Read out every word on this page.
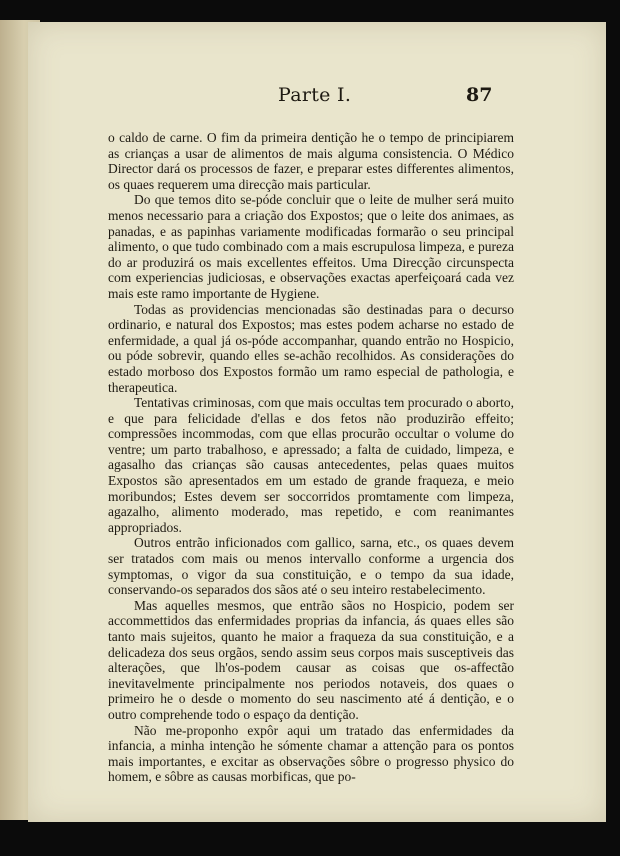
Parte I.	87

o caldo de carne. O fim da primeira dentição he o tempo de principiarem as crianças a usar de alimentos de mais alguma consistencia. O Médico Director dará os processos de fazer, e preparar estes differentes alimentos, os quaes requerem uma direcção mais particular.

Do que temos dito se-póde concluir que o leite de mulher será muito menos necessario para a criação dos Expostos; que o leite dos animaes, as panadas, e as papinhas variamente modificadas formarão o seu principal alimento, o que tudo combinado com a mais escrupulosa limpeza, e pureza do ar produzirá os mais excellentes effeitos. Uma Direcção circunspecta com experiencias judiciosas, e observações exactas aperfeiçoará cada vez mais este ramo importante de Hygiene.

Todas as providencias mencionadas são destinadas para o decurso ordinario, e natural dos Expostos; mas estes podem acharse no estado de enfermidade, a qual já os-póde accompanhar, quando entrão no Hospicio, ou póde sobrevir, quando elles se-achão recolhidos. As considerações do estado morboso dos Expostos formão um ramo especial de pathologia, e therapeutica.

Tentativas criminosas, com que mais occultas tem procurado o aborto, e que para felicidade d'ellas e dos fetos não produzirão effeito; compressões incommodas, com que ellas procurão occultar o volume do ventre; um parto trabalhoso, e apressado; a falta de cuidado, limpeza, e agasalho das crianças são causas antecedentes, pelas quaes muitos Expostos são apresentados em um estado de grande fraqueza, e meio moribundos; Estes devem ser soccorridos promtamente com limpeza, agazalho, alimento moderado, mas repetido, e com reanimantes appropriados.

Outros entrão inficionados com gallico, sarna, etc., os quaes devem ser tratados com mais ou menos intervallo conforme a urgencia dos symptomas, o vigor da sua constituição, e o tempo da sua idade, conservando-os separados dos sãos até o seu inteiro restabelecimento.

Mas aquelles mesmos, que entrão sãos no Hospicio, podem ser accommettidos das enfermidades proprias da infancia, ás quaes elles são tanto mais sujeitos, quanto he maior a fraqueza da sua constituição, e a delicadeza dos seus orgãos, sendo assim seus corpos mais susceptiveis das alterações, que lh'os-podem causar as coisas que os-affectão inevitavelmente principalmente nos periodos notaveis, dos quaes o primeiro he o desde o momento do seu nascimento até á dentição, e o outro comprehende todo o espaço da dentição.

Não me-proponho expôr aqui um tratado das enfermidades da infancia, a minha intenção he sómente chamar a attenção para os pontos mais importantes, e excitar as observações sôbre o progresso physico do homem, e sôbre as causas morbificas, que po-
